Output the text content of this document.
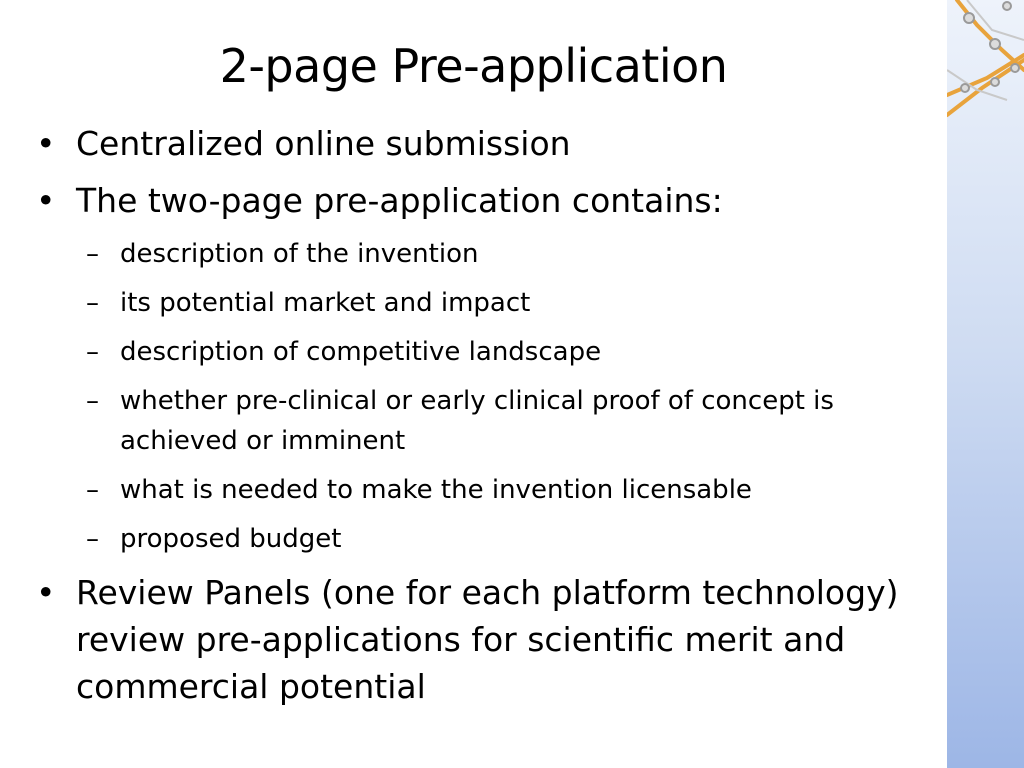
2-page Pre-application
• Centralized online submission
• The two-page pre-application contains:
– description of the invention
– its potential market and impact
– description of competitive landscape
– whether pre-clinical or early clinical proof of concept is achieved or imminent
– what is needed to make the invention licensable
– proposed budget
• Review Panels (one for each platform technology) review pre-applications for scientific merit and commercial potential
